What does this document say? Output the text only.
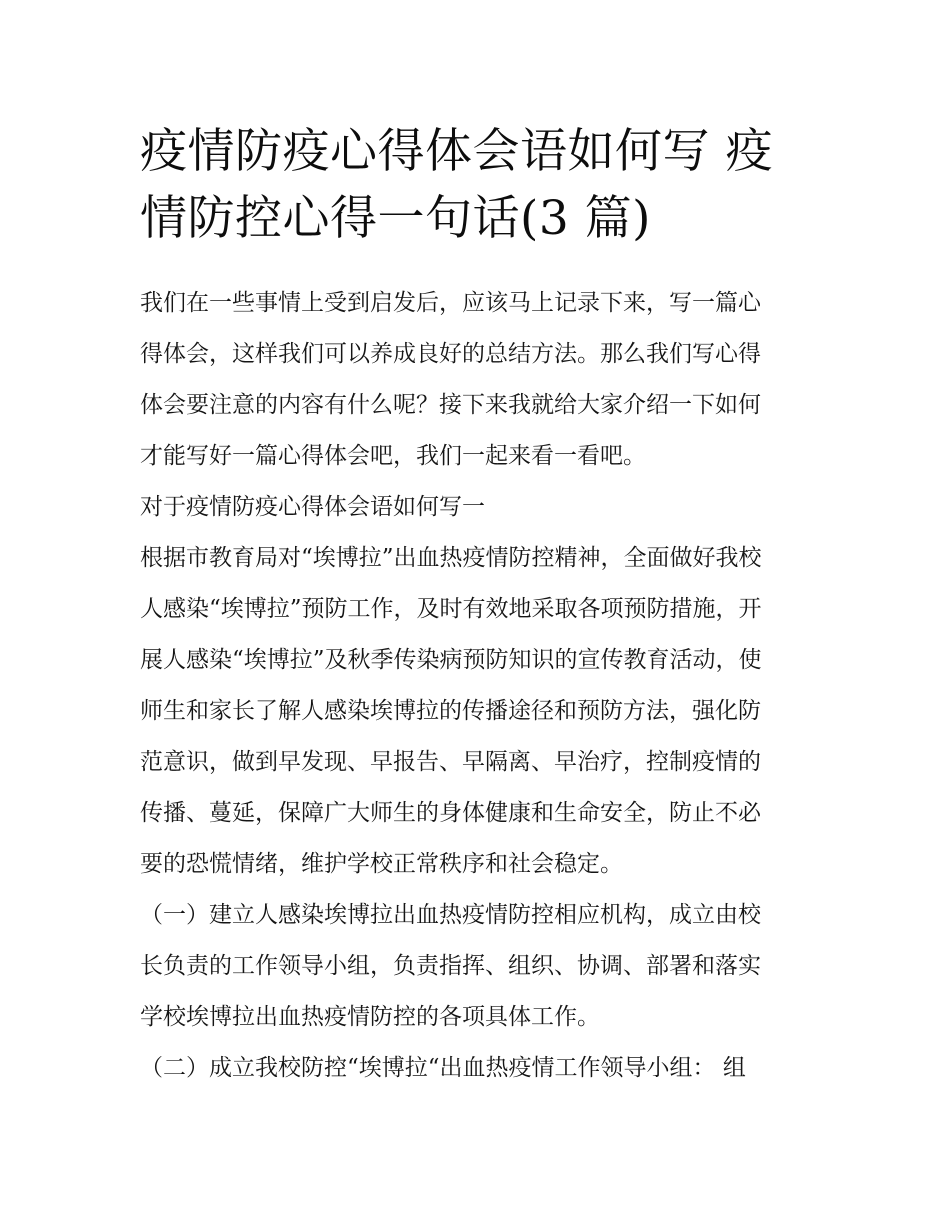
疫情防疫心得体会语如何写 疫
情防控心得一句话(3 篇)

我们在一些事情上受到启发后，应该马上记录下来，写一篇心

得体会，这样我们可以养成良好的总结方法。那么我们写心得

体会要注意的内容有什么呢？接下来我就给大家介绍一下如何

才能写好一篇心得体会吧，我们一起来看一看吧。

对于疫情防疫心得体会语如何写一

根据市教育局对“埃博拉”出血热疫情防控精神，全面做好我校

人感染“埃博拉”预防工作，及时有效地采取各项预防措施，开

展人感染“埃博拉”及秋季传染病预防知识的宣传教育活动，使

师生和家长了解人感染埃博拉的传播途径和预防方法，强化防

范意识，做到早发现、早报告、早隔离、早治疗，控制疫情的

传播、蔓延，保障广大师生的身体健康和生命安全，防止不必

要的恐慌情绪，维护学校正常秩序和社会稳定。

（一）建立人感染埃博拉出血热疫情防控相应机构，成立由校

长负责的工作领导小组，负责指挥、组织、协调、部署和落实

学校埃博拉出血热疫情防控的各项具体工作。

（二）成立我校防控“埃博拉“出血热疫情工作领导小组： 组
